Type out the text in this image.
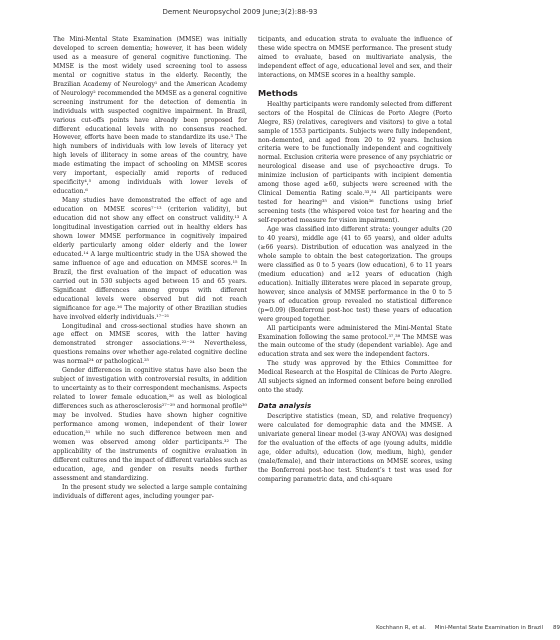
Dement Neuropsychol 2009 June;3(2):88-93

The Mini-Mental State Examination (MMSE) was initially developed to screen dementia; however, it has been widely used as a measure of general cognitive functioning. The MMSE is the most widely used screening tool to assess mental or cognitive status in the elderly. Recently, the Brazilian Academy of Neurology¹ and the American Academy of Neurology² recommended the MMSE as a general cognitive screening instrument for the detection of dementia in individuals with suspected cognitive impairment. In Brazil, various cut-offs points have already been proposed for different educational levels with no consensus reached. However, efforts have been made to standardize its use.³ The high numbers of individuals with low levels of literacy yet high levels of illiteracy in some areas of the country, have made estimating the impact of schooling on MMSE scores very important, especially amid reports of reduced specificity⁴,⁵ among individuals with lower levels of education.⁶

Many studies have demonstrated the effect of age and education on MMSE scores⁷⁻¹³ (criterion validity), but education did not show any effect on construct validity.¹³ A longitudinal investigation carried out in healthy elders has shown lower MMSE performance in cognitively impaired elderly particularly among older elderly and the lower educated.¹⁴ A large multicentric study in the USA showed the same influence of age and education on MMSE scores.¹⁵ In Brazil, the first evaluation of the impact of education was carried out in 530 subjects aged between 15 and 65 years. Significant differences among groups with different educational levels were observed but did not reach significance for age.¹⁶ The majority of other Brazilian studies have involved elderly individuals.¹⁷⁻²¹

Longitudinal and cross-sectional studies have shown an age effect on MMSE scores, with the latter having demonstrated stronger associations.²²⁻²⁴ Nevertheless, questions remains over whether age-related cognitive decline was normal²⁴ or pathological.²⁵

Gender differences in cognitive status have also been the subject of investigation with controversial results, in addition to uncertainty as to their correspondent mechanisms. Aspects related to lower female education,²⁶ as well as biological differences such as atherosclerosis²⁷⁻²⁹ and hormonal profile³⁰ may be involved. Studies have shown higher cognitive performance among women, independent of their lower education,³¹ while no such difference between men and women was observed among older participants.³² The applicability of the instruments of cognitive evaluation in different cultures and the impact of different variables such as education, age, and gender on results needs further assessment and standardizing.

In the present study we selected a large sample containing individuals of different ages, including younger par-

ticipants, and education strata to evaluate the influence of these wide spectra on MMSE performance. The present study aimed to evaluate, based on multivariate analysis, the independent effect of age, educational level and sex, and their interactions, on MMSE scores in a healthy sample.

Methods

Healthy participants were randomly selected from different sectors of the Hospital de Clínicas de Porto Alegre (Porto Alegre, RS) (relatives, caregivers and visitors) to give a total sample of 1553 participants. Subjects were fully independent, non-demented, and aged from 20 to 92 years. Inclusion criteria were to be functionally independent and cognitively normal. Exclusion criteria were presence of any psychiatric or neurological disease and use of psychoactive drugs. To minimize inclusion of participants with incipient dementia among those aged ≥60, subjects were screened with the Clinical Dementia Rating scale.³³,³⁴ All participants were tested for hearing³⁵ and vision³⁶ functions using brief screening tests (the whispered voice test for hearing and the self-reported measure for vision impairment).

Age was classified into different strata: younger adults (20 to 40 years), middle age (41 to 65 years), and older adults (≥66 years). Distribution of education was analyzed in the whole sample to obtain the best categorization. The groups were classified as 0 to 5 years (low education), 6 to 11 years (medium education) and ≥12 years of education (high education). Initially illiterates were placed in separate group, however, since analysis of MMSE performance in the 0 to 5 years of education group revealed no statistical difference (p=0.09) (Bonferroni post-hoc test) these years of education were grouped together.

All participants were administered the Mini-Mental State Examination following the same protocol.³⁷,³⁸ The MMSE was the main outcome of the study (dependent variable). Age and education strata and sex were the independent factors.

The study was approved by the Ethics Committee for Medical Research at the Hospital de Clínicas de Porto Alegre. All subjects signed an informed consent before being enrolled onto the study.

Data analysis

Descriptive statistics (mean, SD, and relative frequency) were calculated for demographic data and the MMSE. A univariate general linear model (3-way ANOVA) was designed for the evaluation of the effects of age (young adults, middle age, older adults), education (low, medium, high), gender (male/female), and their interactions on MMSE scores, using the Bonferroni post-hoc test. Student’s t test was used for comparing parametric data, and chi-square

Kochhann R, et al.     Mini-Mental State Examination in Brazil 89
